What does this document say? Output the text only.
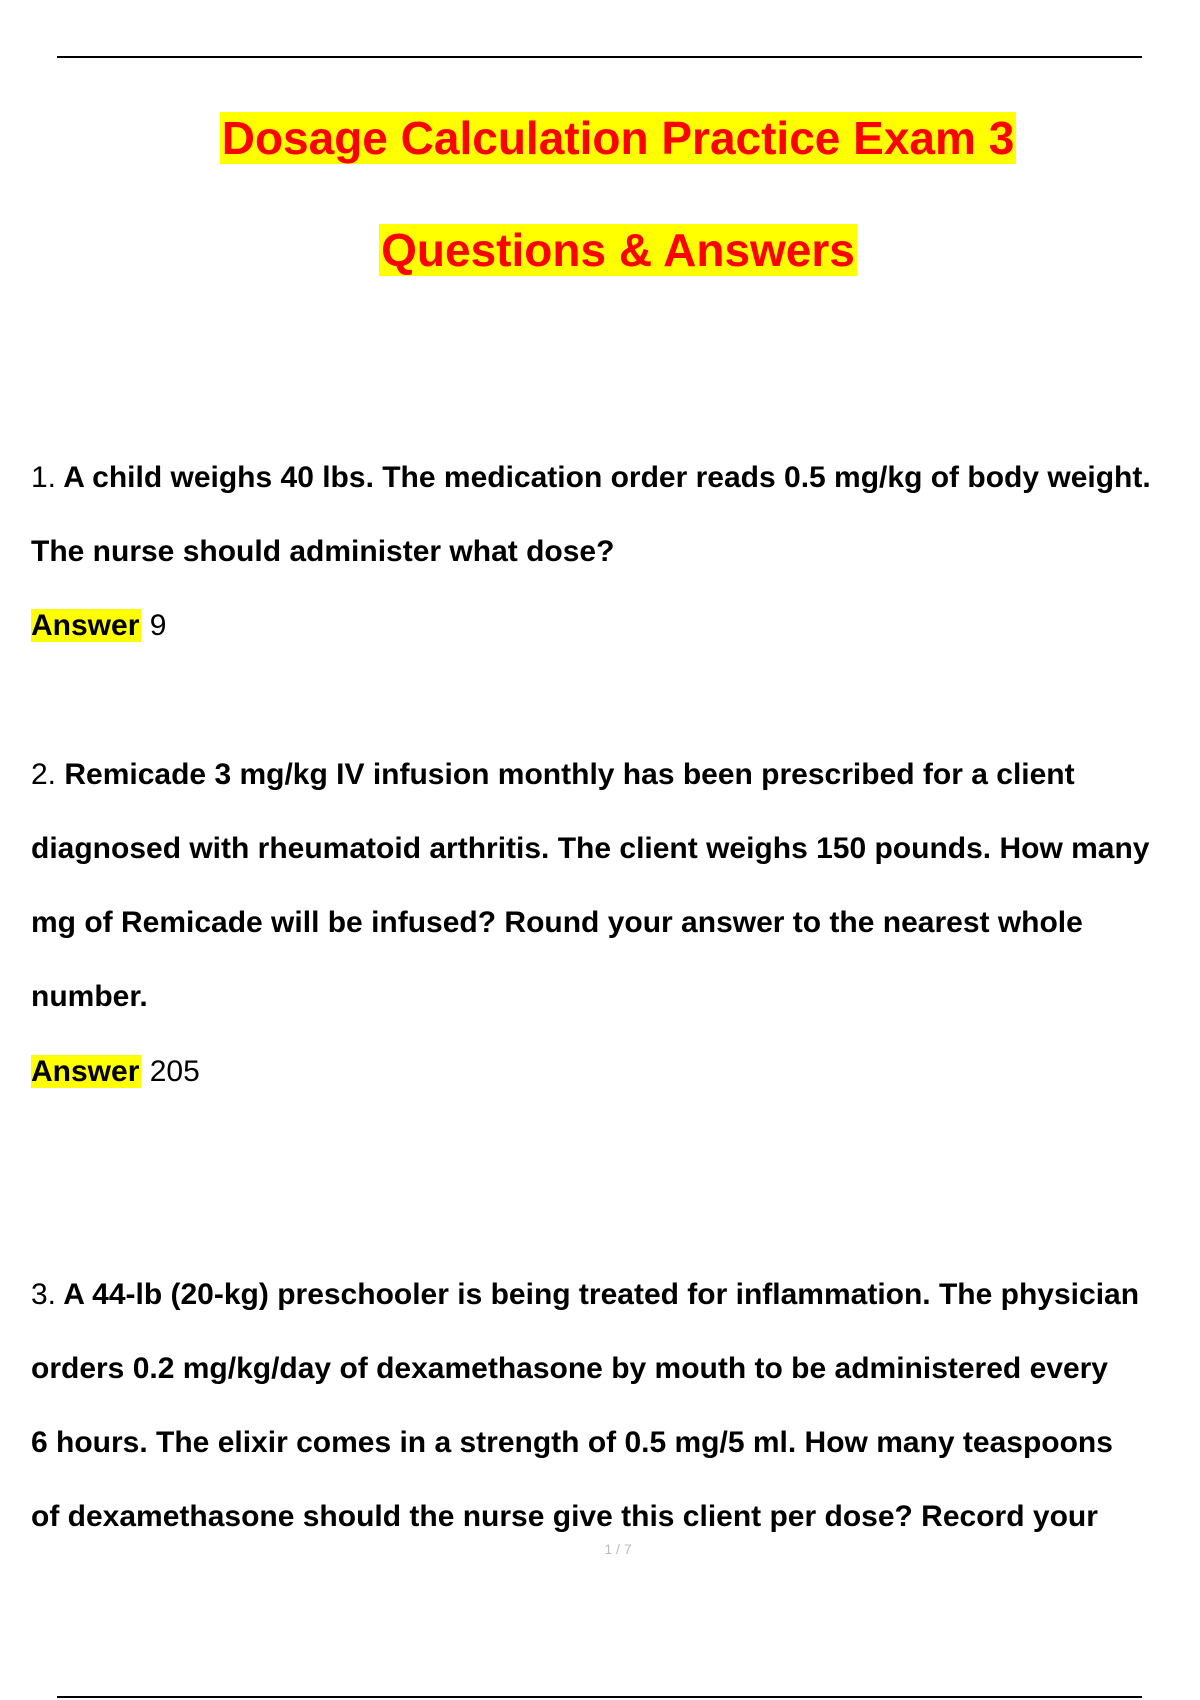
Dosage Calculation Practice Exam 3
Questions & Answers
1. A child weighs 40 lbs. The medication order reads 0.5 mg/kg of body weight.
The nurse should administer what dose?
Answer 9
2. Remicade 3 mg/kg IV infusion monthly has been prescribed for a client
diagnosed with rheumatoid arthritis. The client weighs 150 pounds. How many
mg of Remicade will be infused? Round your answer to the nearest whole
number.
Answer 205
3. A 44-lb (20-kg) preschooler is being treated for inflammation. The physician
orders 0.2 mg/kg/day of dexamethasone by mouth to be administered every
6 hours. The elixir comes in a strength of 0.5 mg/5 ml. How many teaspoons
of dexamethasone should the nurse give this client per dose? Record your
1 / 7
